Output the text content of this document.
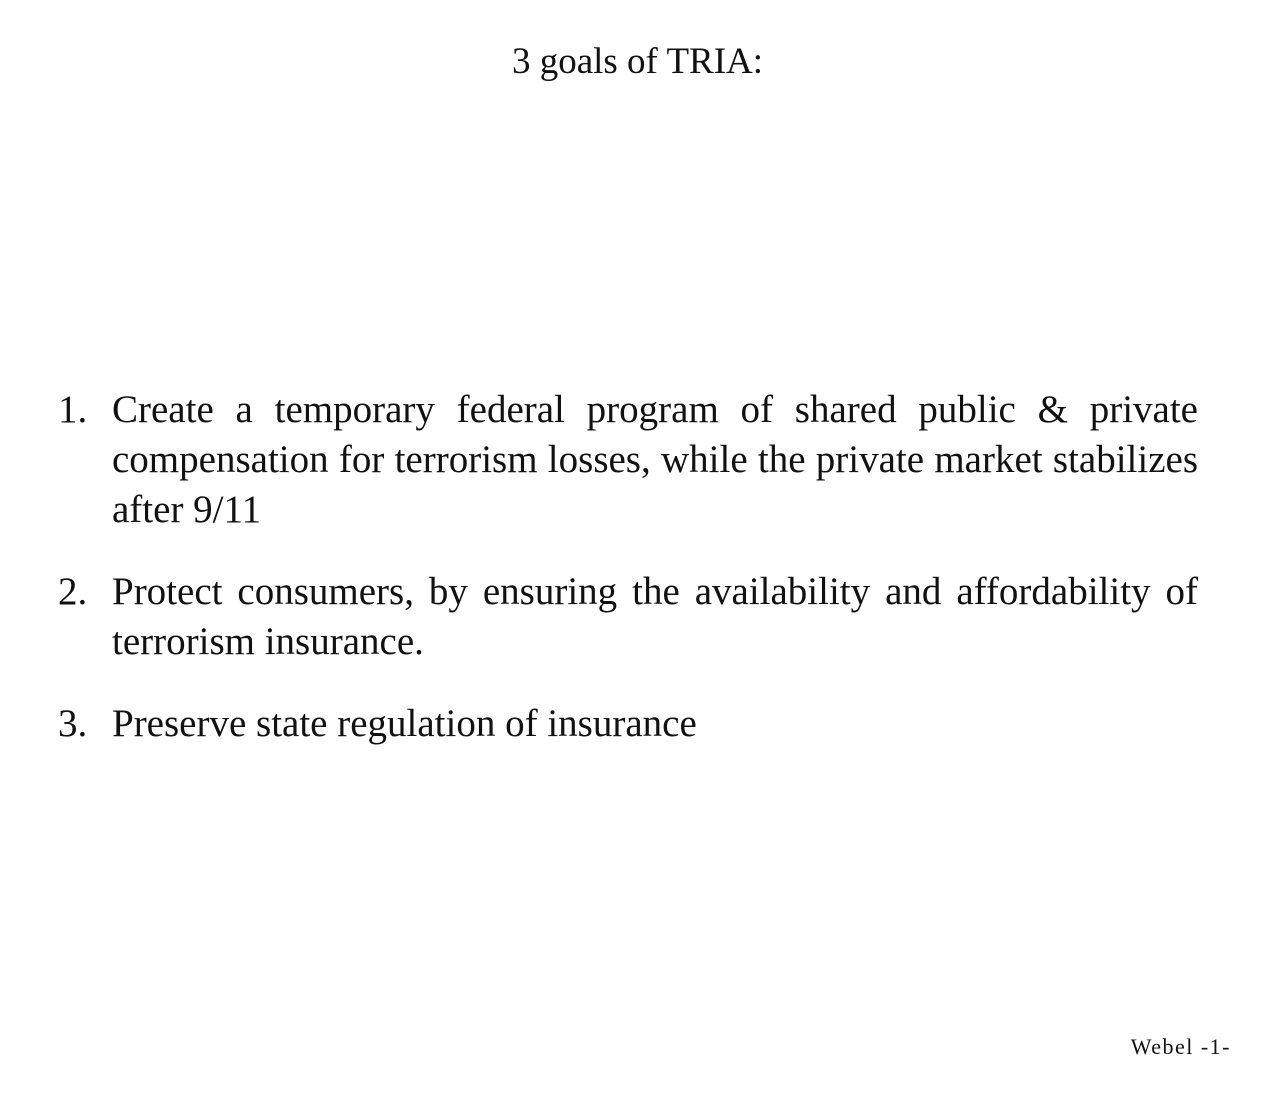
3 goals of TRIA:
1. Create a temporary federal program of shared public & private compensation for terrorism losses, while the private market stabilizes after 9/11
2. Protect consumers, by ensuring the availability and affordability of terrorism insurance.
3. Preserve state regulation of insurance
Webel -1-
